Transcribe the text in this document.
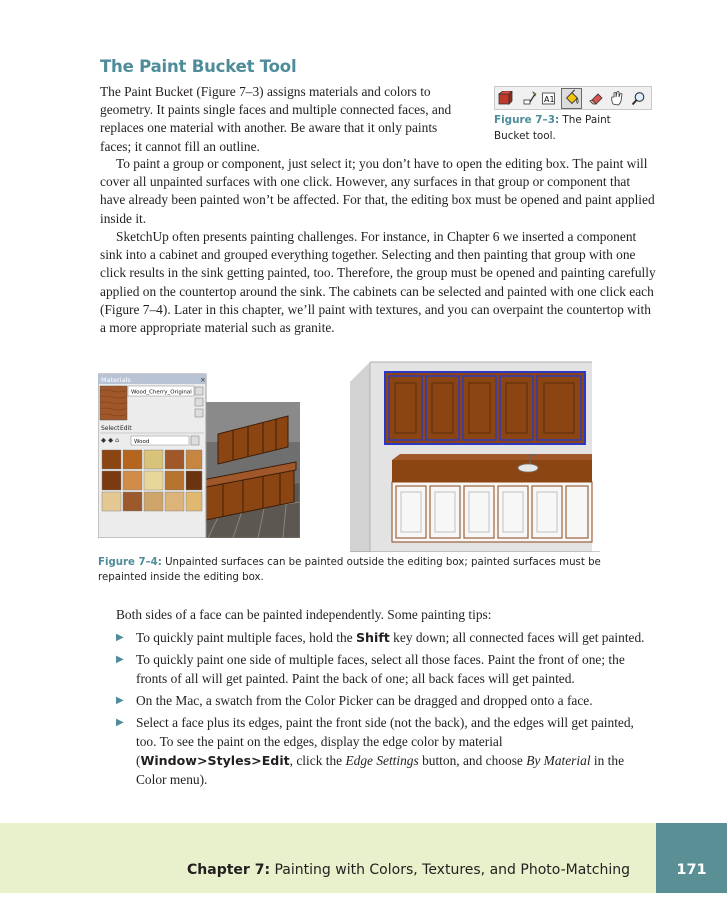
The Paint Bucket Tool

The Paint Bucket (Figure 7–3) assigns materials and colors to geometry. It paints single faces and multiple connected faces, and replaces one material with another. Be aware that it only paints faces; it cannot fill an outline.

A1
Figure 7–3: The Paint Bucket tool.

To paint a group or component, just select it; you don’t have to open the editing box. The paint will cover all unpainted surfaces with one click. However, any surfaces in that group or component that have already been painted won’t be affected. For that, the editing box must be opened and paint applied inside it.

SketchUp often presents painting challenges. For instance, in Chapter 6 we inserted a component sink into a cabinet and grouped everything together. Selecting and then painting that group with one click results in the sink getting painted, too. Therefore, the group must be opened and painting carefully applied on the countertop around the sink. The cabinets can be selected and painted with one click each (Figure 7–4). Later in this chapter, we’ll paint with textures, and you can overpaint the countertop with a more appropriate material such as granite.

Materials	×
Wood_Cherry_Original
Select Edit
◆ ◆ ⌂	Wood
Figure 7–4: Unpainted surfaces can be painted outside the editing box; painted surfaces must be repainted inside the editing box.

Both sides of a face can be painted independently. Some painting tips:

▶ To quickly paint multiple faces, hold the Shift key down; all connected faces will get painted.
▶ To quickly paint one side of multiple faces, select all those faces. Paint the front of one; the fronts of all will get painted. Paint the back of one; all back faces will get painted.
▶ On the Mac, a swatch from the Color Picker can be dragged and dropped onto a face.
▶ Select a face plus its edges, paint the front side (not the back), and the edges will get painted, too. To see the paint on the edges, display the edge color by material (Window>Styles>Edit, click the Edge Settings button, and choose By Material in the Color menu).
Chapter 7: Painting with Colors, Textures, and Photo-Matching	171
